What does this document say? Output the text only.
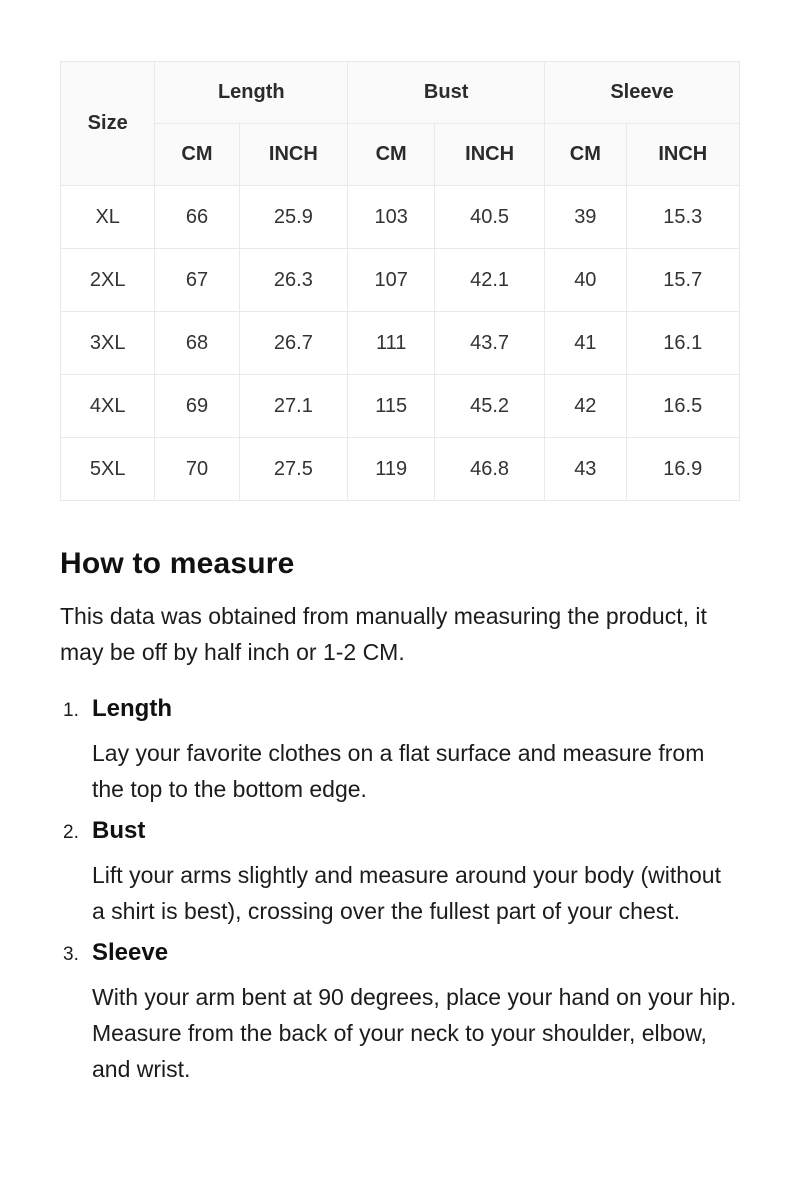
Size	Length		Bust		Sleeve	
	CM	INCH	CM	INCH	CM	INCH
XL	66	25.9	103	40.5	39	15.3
2XL	67	26.3	107	42.1	40	15.7
3XL	68	26.7	111	43.7	41	16.1
4XL	69	27.1	115	45.2	42	16.5
5XL	70	27.5	119	46.8	43	16.9
How to measure

This data was obtained from manually measuring the product, it may be off by half inch or 1-2 CM.

1. Length

Lay your favorite clothes on a flat surface and measure from the top to the bottom edge.

2. Bust

Lift your arms slightly and measure around your body (without a shirt is best), crossing over the fullest part of your chest.

3. Sleeve

With your arm bent at 90 degrees, place your hand on your hip. Measure from the back of your neck to your shoulder, elbow, and wrist.
